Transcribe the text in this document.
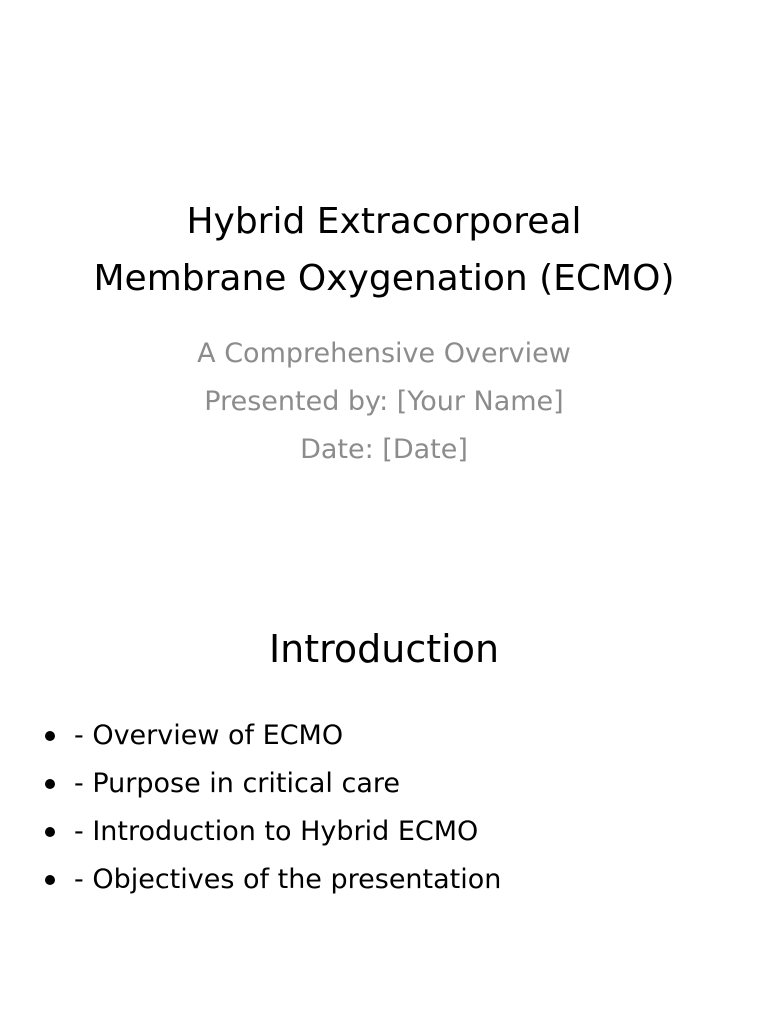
Hybrid Extracorporeal
Membrane Oxygenation (ECMO)
A Comprehensive Overview
Presented by: [Your Name]
Date: [Date]
Introduction
- Overview of ECMO
- Purpose in critical care
- Introduction to Hybrid ECMO
- Objectives of the presentation
